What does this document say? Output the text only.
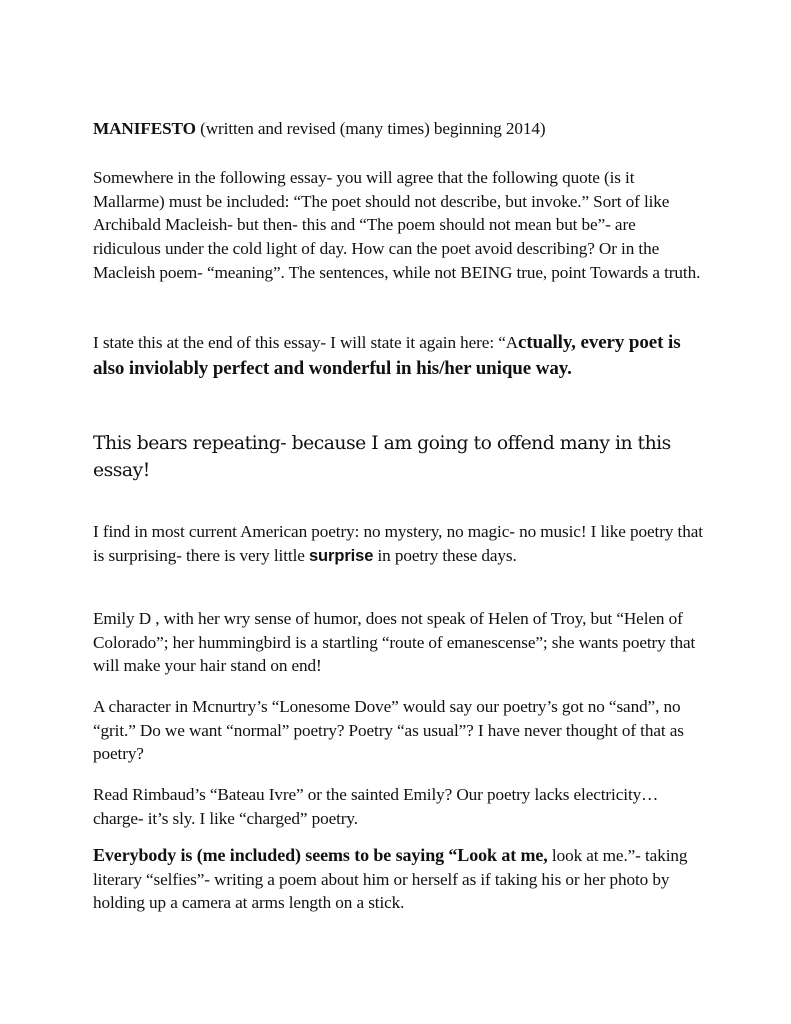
MANIFESTO (written and revised (many times) beginning 2014)

Somewhere in the following essay- you will agree that the following quote (is it Mallarme) must be included: “The poet should not describe, but invoke.” Sort of like Archibald Macleish- but then- this and “The poem should not mean but be”- are ridiculous under the cold light of day. How can the poet avoid describing? Or in the Macleish poem- “meaning”. The sentences, while not BEING true, point Towards a truth.

I state this at the end of this essay- I will state it again here: “Actually, every poet is also inviolably perfect and wonderful in his/her unique way.

This bears repeating- because I am going to offend many in this essay!

I find in most current American poetry: no mystery, no magic- no music! I like poetry that is surprising- there is very little surprise in poetry these days.

Emily D , with her wry sense of humor, does not speak of Helen of Troy, but “Helen of Colorado”; her hummingbird is a startling “route of emanescense”; she wants poetry that will make your hair stand on end!

A character in Mcnurtry’s “Lonesome Dove” would say our poetry’s got no “sand”, no “grit.” Do we want “normal” poetry? Poetry “as usual”? I have never thought of that as poetry?

Read Rimbaud’s “Bateau Ivre” or the sainted Emily? Our poetry lacks electricity…charge- it’s sly. I like “charged” poetry.

Everybody is (me included) seems to be saying “Look at me, look at me.”- taking literary “selfies”- writing a poem about him or herself as if taking his or her photo by holding up a camera at arms length on a stick.
